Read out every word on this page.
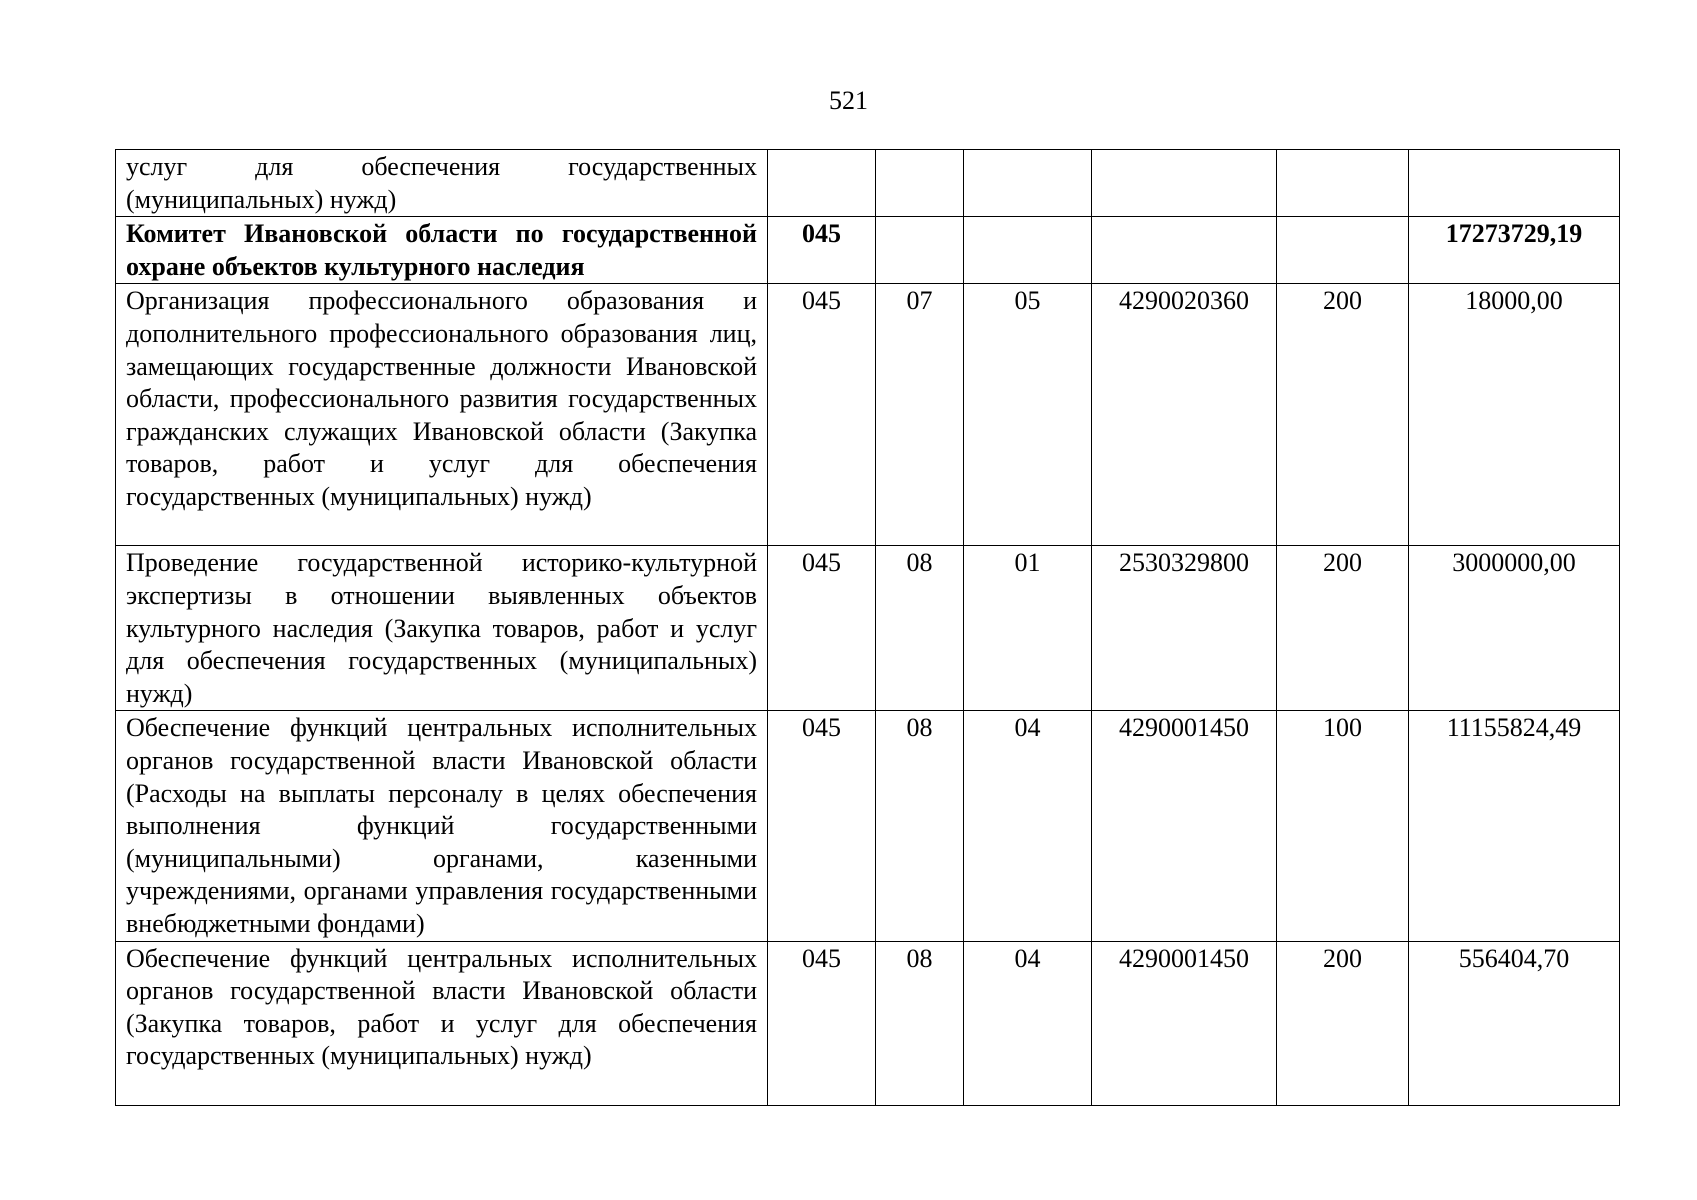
521
услуг для обеспечения государственных (муниципальных) нужд)						
Комитет Ивановской области по государственной охране объектов культурного наследия	045					17273729,19
Организация профессионального образования и дополнительного профессионального образования лиц, замещающих государственные должности Ивановской области, профессионального развития государственных гражданских служащих Ивановской области (Закупка товаров, работ и услуг для обеспечения государственных (муниципальных) нужд)	045	07	05	4290020360	200	18000,00
Проведение государственной историко-культурной экспертизы в отношении выявленных объектов культурного наследия (Закупка товаров, работ и услуг для обеспечения государственных (муниципальных) нужд)	045	08	01	2530329800	200	3000000,00
Обеспечение функций центральных исполнительных органов государственной власти Ивановской области (Расходы на выплаты персоналу в целях обеспечения выполнения функций государственными (муниципальными) органами, казенными учреждениями, органами управления государственными внебюджетными фондами)	045	08	04	4290001450	100	11155824,49
Обеспечение функций центральных исполнительных органов государственной власти Ивановской области (Закупка товаров, работ и услуг для обеспечения государственных (муниципальных) нужд)	045	08	04	4290001450	200	556404,70
